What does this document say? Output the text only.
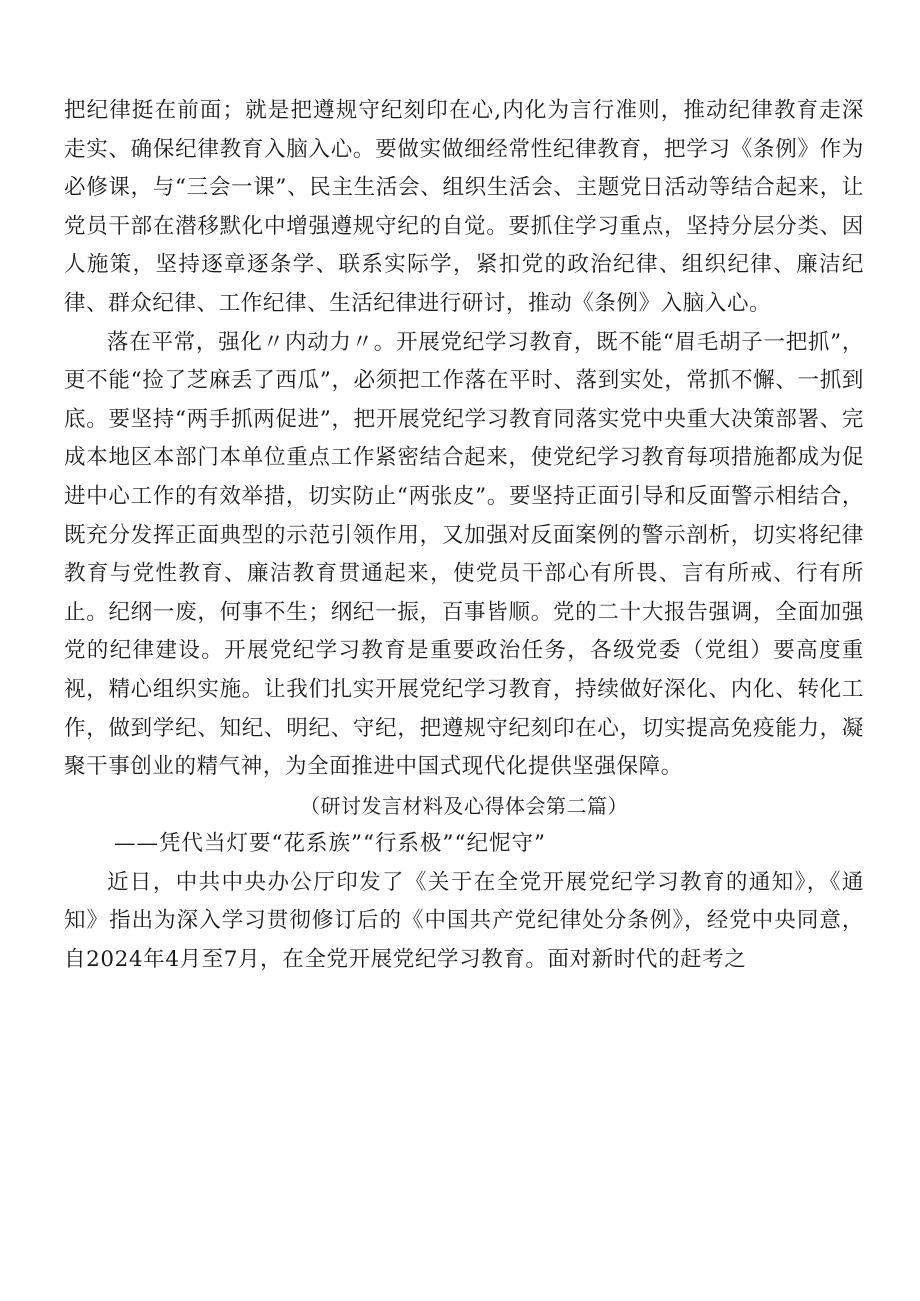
把纪律挺在前面；就是把遵规守纪刻印在心,内化为言行准则，推动纪律教育走深走实、确保纪律教育入脑入心。要做实做细经常性纪律教育，把学习《条例》作为必修课，与“三会一课”、民主生活会、组织生活会、主题党日活动等结合起来，让党员干部在潜移默化中增强遵规守纪的自觉。要抓住学习重点，坚持分层分类、因人施策，坚持逐章逐条学、联系实际学，紧扣党的政治纪律、组织纪律、廉洁纪律、群众纪律、工作纪律、生活纪律进行研讨，推动《条例》入脑入心。

落在平常，强化〃内动力〃。开展党纪学习教育，既不能“眉毛胡子一把抓”，更不能“捡了芝麻丢了西瓜”，必须把工作落在平时、落到实处，常抓不懈、一抓到底。要坚持“两手抓两促进”，把开展党纪学习教育同落实党中央重大决策部署、完成本地区本部门本单位重点工作紧密结合起来，使党纪学习教育每项措施都成为促进中心工作的有效举措，切实防止“两张皮”。要坚持正面引导和反面警示相结合，既充分发挥正面典型的示范引领作用，又加强对反面案例的警示剖析，切实将纪律教育与党性教育、廉洁教育贯通起来，使党员干部心有所畏、言有所戒、行有所止。纪纲一废，何事不生；纲纪一振，百事皆顺。党的二十大报告强调，全面加强党的纪律建设。开展党纪学习教育是重要政治任务，各级党委（党组）要高度重视，精心组织实施。让我们扎实开展党纪学习教育，持续做好深化、内化、转化工作，做到学纪、知纪、明纪、守纪，把遵规守纪刻印在心，切实提高免疫能力，凝聚干事创业的精气神，为全面推进中国式现代化提供坚强保障。

（研讨发言材料及心得体会第二篇）

——凭代当灯要“花系族”“行系极”“纪怩守”

近日，中共中央办公厅印发了《关于在全党开展党纪学习教育的通知》，《通知》指出为深入学习贯彻修订后的《中国共产党纪律处分条例》，经党中央同意，自2024年4月至7月，在全党开展党纪学习教育。面对新时代的赶考之
